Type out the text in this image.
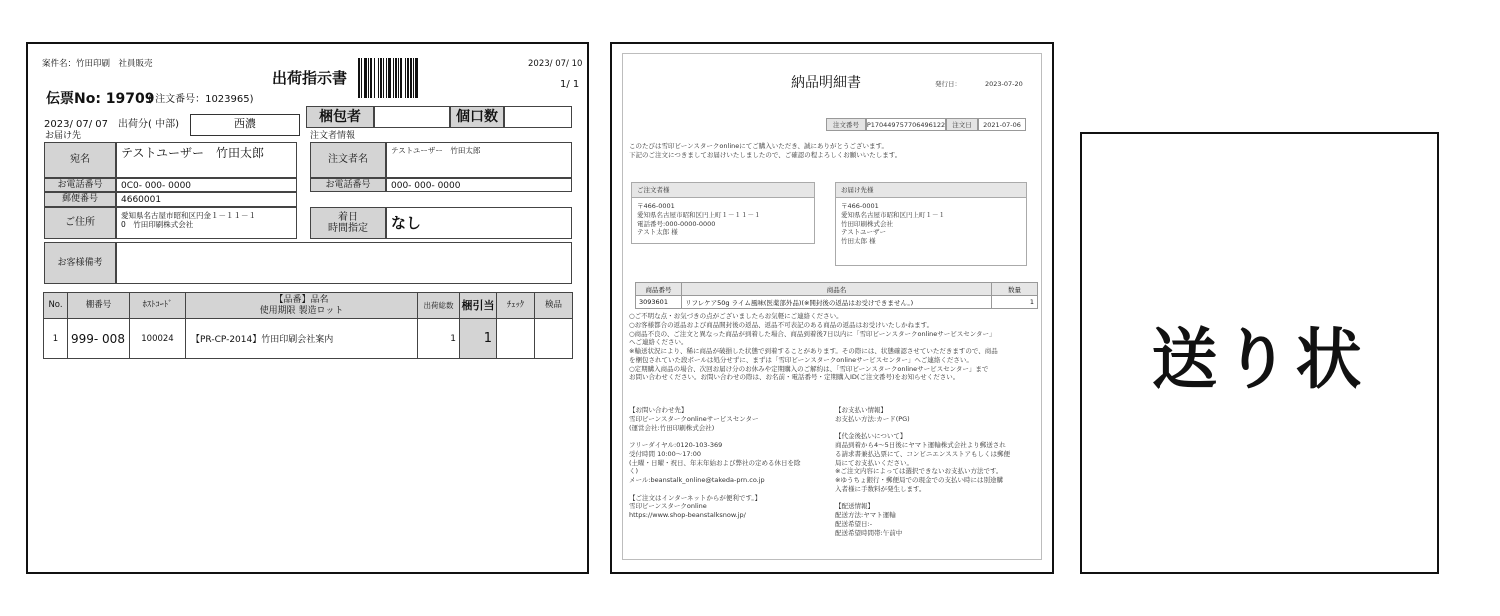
案件名：竹田印刷　社員販売
出荷指示書
2023/ 07/ 10
1/ 1
伝票No: 19709
( 注文番号：1023965)
2023/ 07/ 07　出荷分( 中部)	西濃	梱包者	個口数
お届け先	注文者情報
宛名	テストユーザー　竹田太郎
お電話番号	0C0- 000- 0000
郵便番号	4660001
ご住所
愛知県名古屋市昭和区円金１－１１－１
0　竹田印刷株式会社
注文者名
テストユーザー　竹田太郎
お電話番号	000- 000- 0000
着日
時間指定	なし
お客様備考
No.	棚番号	ﾎｽﾄｺｰﾄﾞ	【品番】品名
使用期限 製造ロット	出荷総数	梱引当	ﾁｪｯｸ	検品
1	999- 008	100024	【PR-CP-2014】竹田印刷会社案内	1	1		
納品明細書	発行日：	2023-07-20
注文番号	P170449757706496122	注文日	2021-07-06
このたびは雪印ビーンスタークonlineにてご購入いただき、誠にありがとうございます。
下記のご注文につきましてお届けいたしましたので、ご確認の程よろしくお願いいたします。
ご注文者様
〒466-0001
愛知県名古屋市昭和区円上町１－１１－１
電話番号:000-0000-0000
テスト太郎 様
お届け先様
〒466-0001
愛知県名古屋市昭和区円上町１－１
竹田印刷株式会社
テストユーザー
竹田太郎 様
商品番号	商品名	数量
3093601	リフレケア50g ライム風味(医薬部外品)(※開封後の返品はお受けできません。)	1
○ご不明な点・お気づきの点がございましたらお気軽にご連絡ください。
○お客様都合の返品および商品開封後の返品、返品不可表記のある商品の返品はお受けいたしかねます。
○商品不良の、ご注文と異なった商品が到着した場合、商品到着後7日以内に「雪印ビーンスタークonlineサービスセンター」
へご連絡ください。
※輸送状況により、稀に商品が破損した状態で到着することがあります。その際には、状態確認させていただきますので、商品
を梱包されていた段ボールは処分せずに、まずは「雪印ビーンスタークonlineサービスセンター」へご連絡ください。
○定期購入商品の場合、次回お届け分のお休みや定期購入のご解約は、「雪印ビーンスタークonlineサービスセンター」まで
お問い合わせください。お問い合わせの際は、お名前・電話番号・定期購入ID(ご注文番号)をお知らせください。
【お問い合わせ先】
雪印ビーンスタークonlineサービスセンター
(運営会社:竹田印刷株式会社)

フリーダイヤル:0120-103-369
受付時間 10:00〜17:00
(土曜・日曜・祝日、年末年始および弊社の定める休日を除
く)
メール:beanstalk_online@takeda-prn.co.jp

【ご注文はインターネットからが便利です。】
雪印ビーンスタークonline
https://www.shop-beanstalksnow.jp/
【お支払い情報】
お支払い方法:カード(PG)

【代金後払いについて】
商品到着から4〜5日後にヤマト運輸株式会社より郵送され
る請求書兼払込票にて、コンビニエンスストアもしくは郵便
局にてお支払いください。
※ご注文内容によっては選択できないお支払い方法です。
※ゆうちょ銀行・郵便局での現金での支払い時には別途購
入者様に手数料が発生します。

【配送情報】
配送方法:ヤマト運輸
配送希望日:-
配送希望時間帯:午前中
送り状
